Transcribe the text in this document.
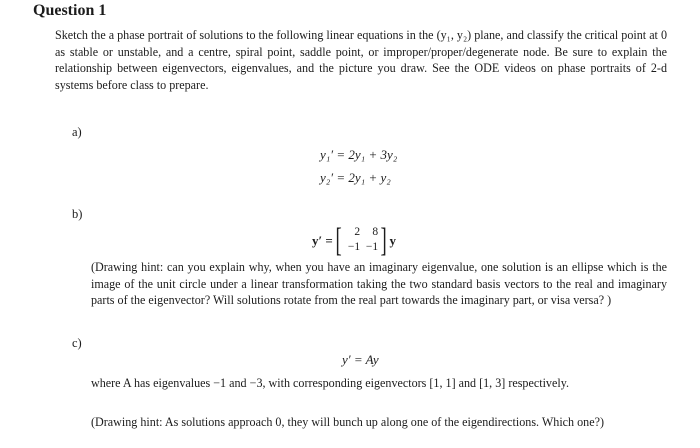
Question 1
Sketch the a phase portrait of solutions to the following linear equations in the (y₁, y₂) plane, and classify the critical point at 0 as stable or unstable, and a centre, spiral point, saddle point, or improper/proper/degenerate node. Be sure to explain the relationship between eigenvectors, eigenvalues, and the picture you draw. See the ODE videos on phase portraits of 2-d systems before class to prepare.
a)
y₁′ = 2y₁ + 3y₂
y₂′ = 2y₁ + y₂
b)
y′ = [	2	8
−1 −1 ] y
(Drawing hint: can you explain why, when you have an imaginary eigenvalue, one solution is an ellipse which is the image of the unit circle under a linear transformation taking the two standard basis vectors to the real and imaginary parts of the eigenvector? Will solutions rotate from the real part towards the imaginary part, or visa versa? )
c)
y′ = Ay
where A has eigenvalues −1 and −3, with corresponding eigenvectors [1, 1] and [1, 3] respectively.
(Drawing hint: As solutions approach 0, they will bunch up along one of the eigendirections. Which one?)
